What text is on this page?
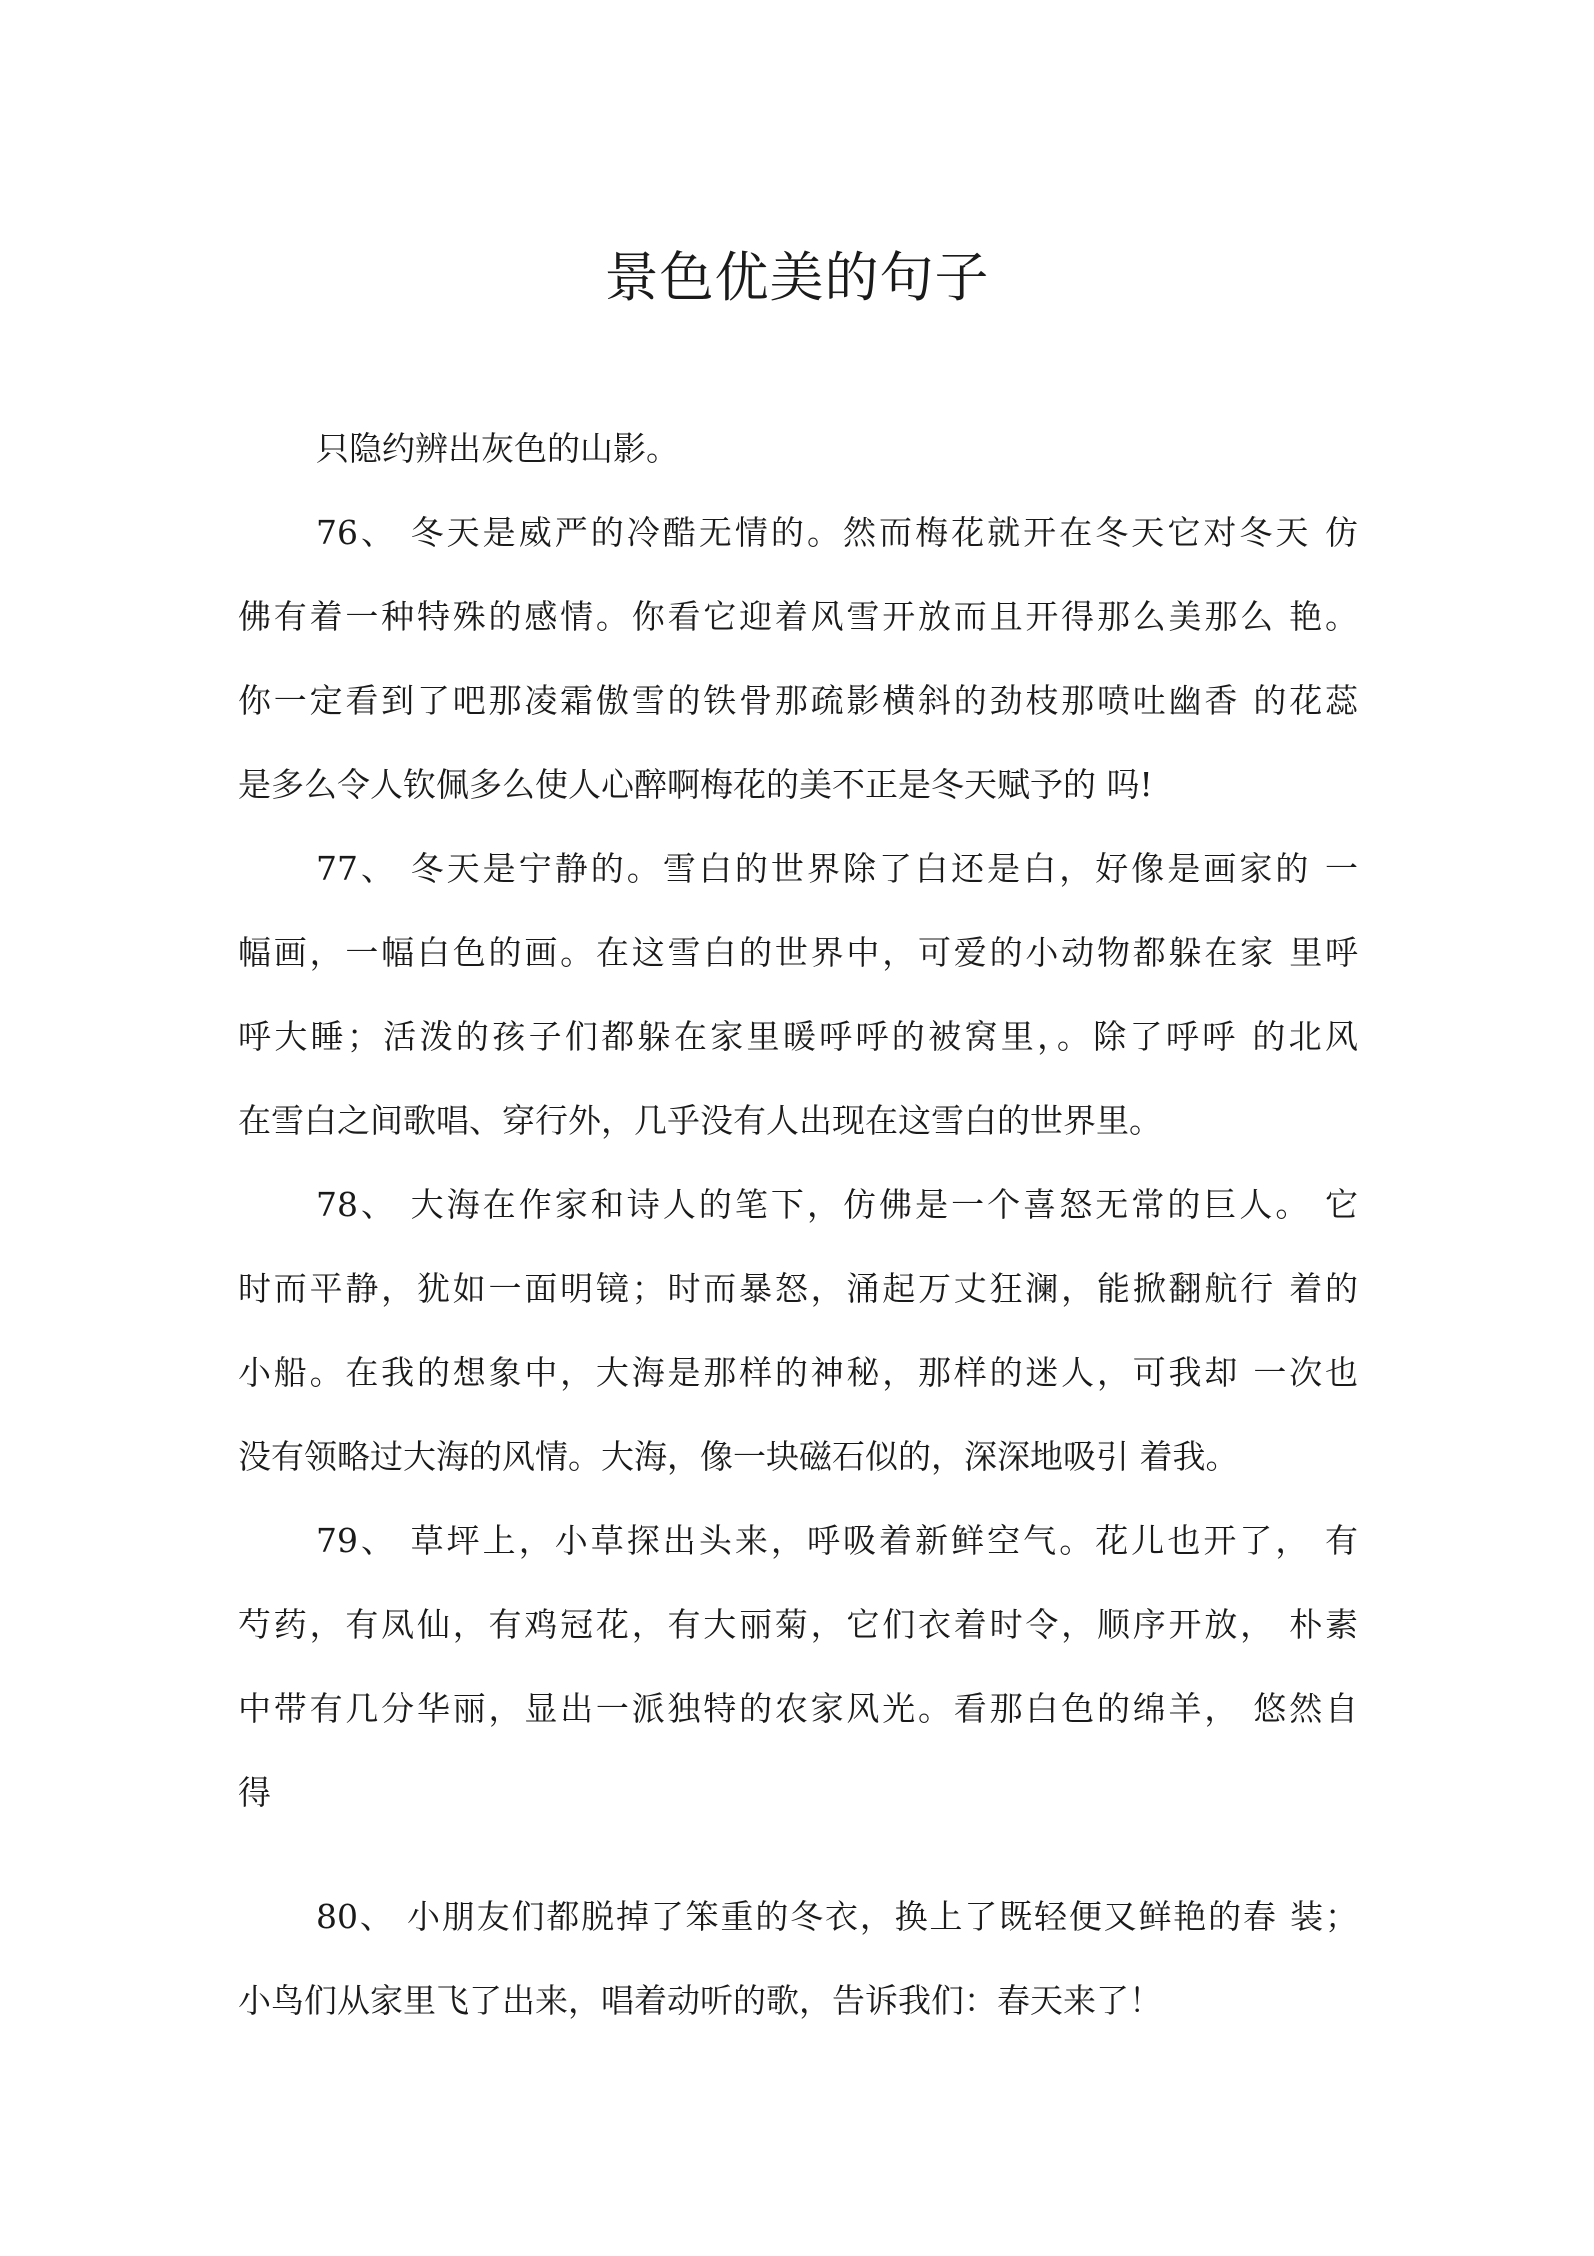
景色优美的句子

只隐约辨出灰色的山影。

76、 冬天是威严的冷酷无情的。然而梅花就开在冬天它对冬天 仿

佛有着一种特殊的感情。你看它迎着风雪开放而且开得那么美那么 艳。

你一定看到了吧那凌霜傲雪的铁骨那疏影横斜的劲枝那喷吐幽香 的花蕊

是多么令人钦佩多么使人心醉啊梅花的美不正是冬天赋予的 吗!

77、 冬天是宁静的。雪白的世界除了白还是白，好像是画家的 一

幅画，一幅白色的画。在这雪白的世界中，可爱的小动物都躲在家 里呼

呼大睡；活泼的孩子们都躲在家里暖呼呼的被窝里，。除了呼呼 的北风

在雪白之间歌唱、穿行外，几乎没有人出现在这雪白的世界里。

78、 大海在作家和诗人的笔下，仿佛是一个喜怒无常的巨人。 它

时而平静，犹如一面明镜；时而暴怒，涌起万丈狂澜，能掀翻航行 着的

小船。在我的想象中，大海是那样的神秘，那样的迷人，可我却 一次也

没有领略过大海的风情。大海，像一块磁石似的，深深地吸引 着我。

79、 草坪上，小草探出头来，呼吸着新鲜空气。花儿也开了， 有

芍药，有凤仙，有鸡冠花，有大丽菊，它们衣着时令，顺序开放， 朴素

中带有几分华丽，显出一派独特的农家风光。看那白色的绵羊， 悠然自

得

80、 小朋友们都脱掉了笨重的冬衣，换上了既轻便又鲜艳的春 装；

小鸟们从家里飞了出来，唱着动听的歌，告诉我们：春天来了！
